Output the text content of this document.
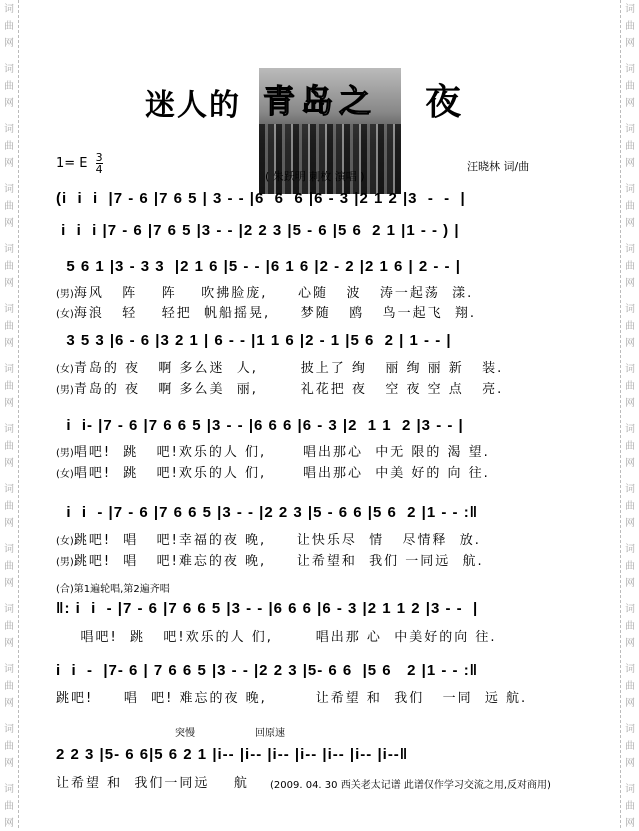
词
曲
网
词
曲
网
词
曲
网
词
曲
网
词
曲
网
词
曲
网
词
曲
网
词
曲
网
词
曲
网
词
曲
网
词
曲
网
词
曲
网
词
曲
网
词
曲
网
词
曲
网
词
曲
网
词
曲
网
词
曲
网
词
曲
网
词
曲
网
词
曲
网
词
曲
网
词
曲
网
词
曲
网
词
曲
网
词
曲
网
词
曲
网
词
曲
网
迷人的 青岛之 夜
1= E $\frac{3}{4}$
( 朱跃明 刺枚 演唱 )
汪晓林 词/曲
(i  i  i  |7 - 6 |7 6 5 | 3 - - |6  6  6 |6 - 3 |2 1 2 |3  -  -  |
i  i  i |7 - 6 |7 6 5 |3 - - |2 2 3 |5 - 6 |5 6  2 1 |1 - - ) |
5 6 1 |3 - 3 3  |2 1 6 |5 - - |6 1 6 |2 - 2 |2 1 6 | 2 - - |
(男)海风   阵    阵    吹拂脸庞,     心随   波   涛一起荡  漾.
(女)海浪   轻    轻把  帆船摇晃,     梦随   鸥   鸟一起飞  翔.
3 5 3 |6 - 6 |3 2 1 | 6 - - |1 1 6 |2 - 1 |5 6  2 | 1 - - |
(女)青岛的 夜   啊 多么迷  人,       披上了 绚   丽 绚 丽 新   装.
(男)青岛的 夜   啊 多么美  丽,       礼花把 夜   空 夜 空 点   亮.
i  i- |7 - 6 |7 6 6 5 |3 - - |6 6 6 |6 - 3 |2  1 1  2 |3 - - |
(男)唱吧!  跳   吧!欢乐的人 们,      唱出那心  中无 限的 渴 望.
(女)唱吧!  跳   吧!欢乐的人 们,      唱出那心  中美 好的 向 往.
i  i  - |7 - 6 |7 6 6 5 |3 - - |2 2 3 |5 - 6 6 |5 6  2 |1 - - :‖
(女)跳吧!  唱   吧!幸福的夜 晚,     让快乐尽  情   尽情释  放.
(男)跳吧!  唱   吧!难忘的夜 晚,     让希望和  我们 一同远  航.
(合)第1遍轮唱,第2遍齐唱
‖: i  i  - |7 - 6 |7 6 6 5 |3 - - |6 6 6 |6 - 3 |2 1 1 2 |3 - -  |
唱吧!  跳   吧!欢乐的人 们,       唱出那 心  中美好的向 往.
i  i  -  |7- 6 | 7 6 6 5 |3 - - |2 2 3 |5- 6 6  |5 6   2 |1 - - :‖
跳吧!     唱  吧! 难忘的夜 晚,        让希望 和  我们   一同  远 航.
突慢	回原速
2 2 3 |5- 6 6|5 6 2 1 |i-- |i-- |i-- |i-- |i-- |i-- |i--‖
让希望 和  我们一同远    航 (2009. 04. 30 西关老太记谱 此谱仅作学习交流之用,反对商用)
